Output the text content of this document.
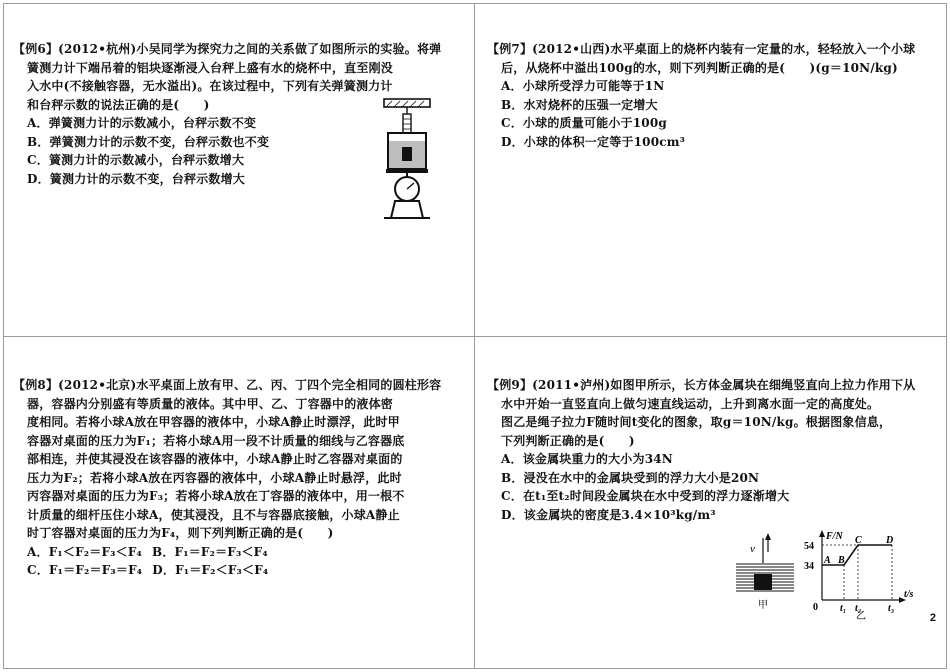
【例6】(2012•杭州)小吴同学为探究力之间的关系做了如图所示的实验。将弹

簧测力计下端吊着的铝块逐渐浸入台秤上盛有水的烧杯中，直至刚没

入水中(不接触容器，无水溢出)。在该过程中，下列有关弹簧测力计

和台秤示数的说法正确的是(　　)

A．弹簧测力计的示数减小，台秤示数不变

B．弹簧测力计的示数不变，台秤示数也不变

C．簧测力计的示数减小，台秤示数增大

D．簧测力计的示数不变，台秤示数增大

【例7】(2012•山西)水平桌面上的烧杯内装有一定量的水，轻轻放入一个小球

后，从烧杯中溢出100g的水，则下列判断正确的是(　　)(g＝10N/kg)

A．小球所受浮力可能等于1N

B．水对烧杯的压强一定增大

C．小球的质量可能小于100g

D．小球的体积一定等于100cm³

【例8】(2012•北京)水平桌面上放有甲、乙、丙、丁四个完全相同的圆柱形容

器，容器内分别盛有等质量的液体。其中甲、乙、丁容器中的液体密

度相同。若将小球A放在甲容器的液体中，小球A静止时漂浮，此时甲

容器对桌面的压力为F₁；若将小球A用一段不计质量的细线与乙容器底

部相连，并使其浸没在该容器的液体中，小球A静止时乙容器对桌面的

压力为F₂；若将小球A放在丙容器的液体中，小球A静止时悬浮，此时

丙容器对桌面的压力为F₃；若将小球A放在丁容器的液体中，用一根不

计质量的细杆压住小球A，使其浸没，且不与容器底接触，小球A静止

时丁容器对桌面的压力为F₄，则下列判断正确的是(　　)

A．F₁＜F₂＝F₃＜F₄ B．F₁＝F₂＝F₃＜F₄

C．F₁＝F₂＝F₃＝F₄ D．F₁＝F₂＜F₃＜F₄

【例9】(2011•泸州)如图甲所示，长方体金属块在细绳竖直向上拉力作用下从

水中开始一直竖直向上做匀速直线运动，上升到离水面一定的高度处。

图乙是绳子拉力F随时间t变化的图象，取g＝10N/kg。根据图象信息，

下列判断正确的是(　　)

A．该金属块重力的大小为34N

B．浸没在水中的金属块受到的浮力大小是20N

C．在t₁至t₂时间段金属块在水中受到的浮力逐渐增大

D．该金属块的密度是3.4×10³kg/m³

v
甲
F/N
t/s
0
54
34
A B
C D
t₁ t₂	t₃
乙	2
